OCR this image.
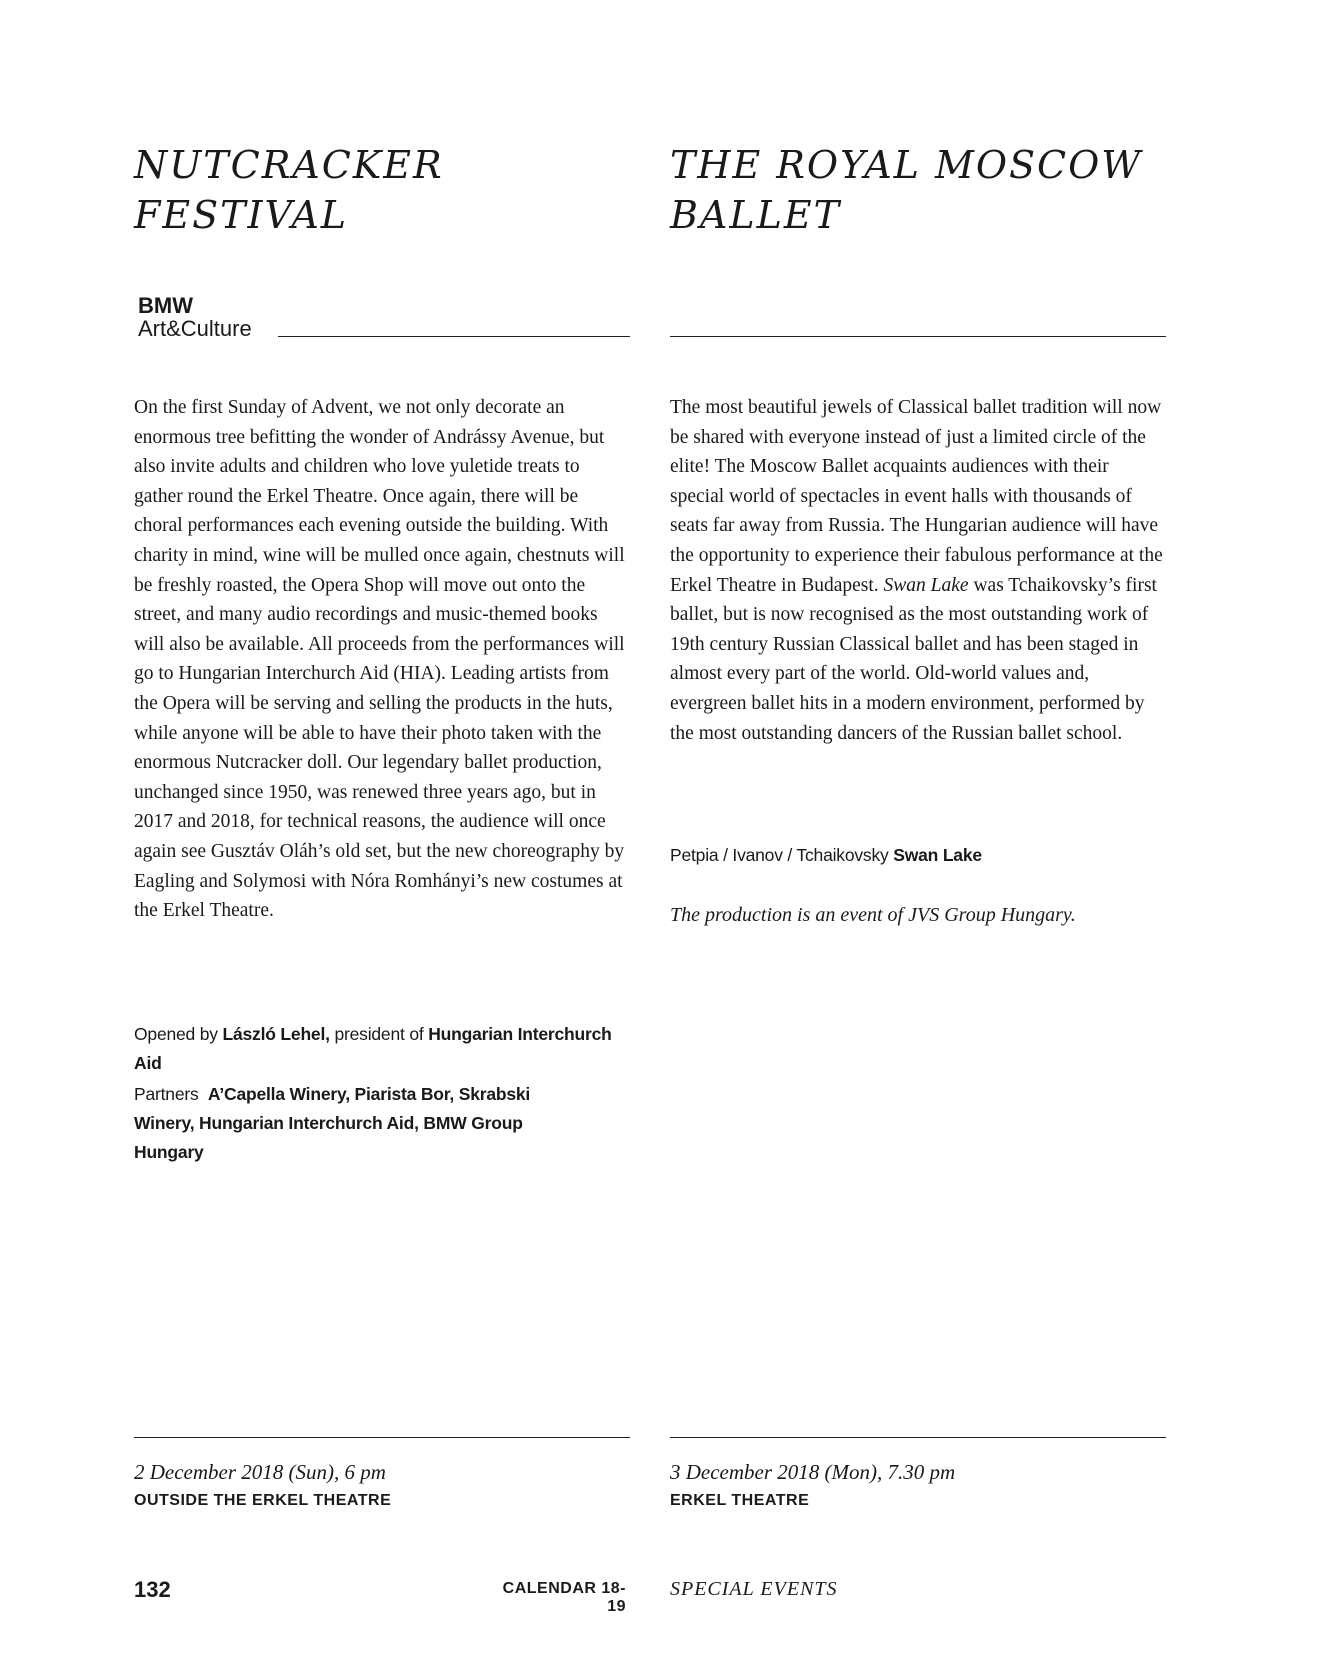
NUTCRACKER FESTIVAL
THE ROYAL MOSCOW BALLET
BMW
Art&Culture

On the first Sunday of Advent, we not only decorate an enormous tree befitting the wonder of Andrássy Avenue, but also invite adults and children who love yuletide treats to gather round the Erkel Theatre. Once again, there will be choral performances each evening outside the building. With charity in mind, wine will be mulled once again, chestnuts will be freshly roasted, the Opera Shop will move out onto the street, and many audio recordings and music-themed books will also be available. All proceeds from the performances will go to Hungarian Interchurch Aid (HIA). Leading artists from the Opera will be serving and selling the products in the huts, while anyone will be able to have their photo taken with the enormous Nutcracker doll. Our legendary ballet production, unchanged since 1950, was renewed three years ago, but in 2017 and 2018, for technical reasons, the audience will once again see Gusztáv Oláh’s old set, but the new choreography by Eagling and Solymosi with Nóra Romhányi’s new costumes at the Erkel Theatre.

The most beautiful jewels of Classical ballet tradition will now be shared with everyone instead of just a limited circle of the elite! The Moscow Ballet acquaints audiences with their special world of spectacles in event halls with thousands of seats far away from Russia. The Hungarian audience will have the opportunity to experience their fabulous performance at the Erkel Theatre in Budapest. Swan Lake was Tchaikovsky’s first ballet, but is now recognised as the most outstanding work of 19th century Russian Classical ballet and has been staged in almost every part of the world. Old-world values and, evergreen ballet hits in a modern environment, performed by the most outstanding dancers of the Russian ballet school.

Opened by László Lehel, president of Hungarian Interchurch Aid

Partners A’Capella Winery, Piarista Bor, Skrabski Winery, Hungarian Interchurch Aid, BMW Group Hungary

Petpia / Ivanov / Tchaikovsky Swan Lake

The production is an event of JVS Group Hungary.

2 December 2018 (Sun), 6 pm

OUTSIDE THE ERKEL THEATRE

3 December 2018 (Mon), 7.30 pm

ERKEL THEATRE

132	CALENDAR 18-19
SPECIAL EVENTS
